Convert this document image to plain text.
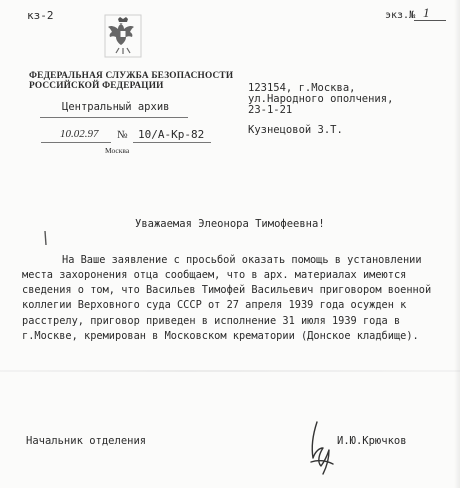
кз-2	экз.№ 1
ФЕДЕРАЛЬНАЯ СЛУЖБА БЕЗОПАСНОСТИ
РОССИЙСКОЙ ФЕДЕРАЦИИ
Центральный архив
10.02.97 № 10/А-Кр-82
Москва
123154, г.Москва,
ул.Народного ополчения,
23-1-21
Кузнецовой З.Т.
Уважаемая Элеонора Тимофеевна!
На Ваше заявление с просьбой оказать помощь в установлении
места захоронения отца сообщаем, что в арх. материалах имеются
сведения о том, что Васильев Тимофей Васильевич приговором военной
коллегии Верховного суда СССР от 27 апреля 1939 года осужден к
расстрелу, приговор приведен в исполнение 31 июля 1939 года в
г.Москве, кремирован в Московском крематории (Донское кладбище).
Начальник отделения	И.Ю.Крючков
